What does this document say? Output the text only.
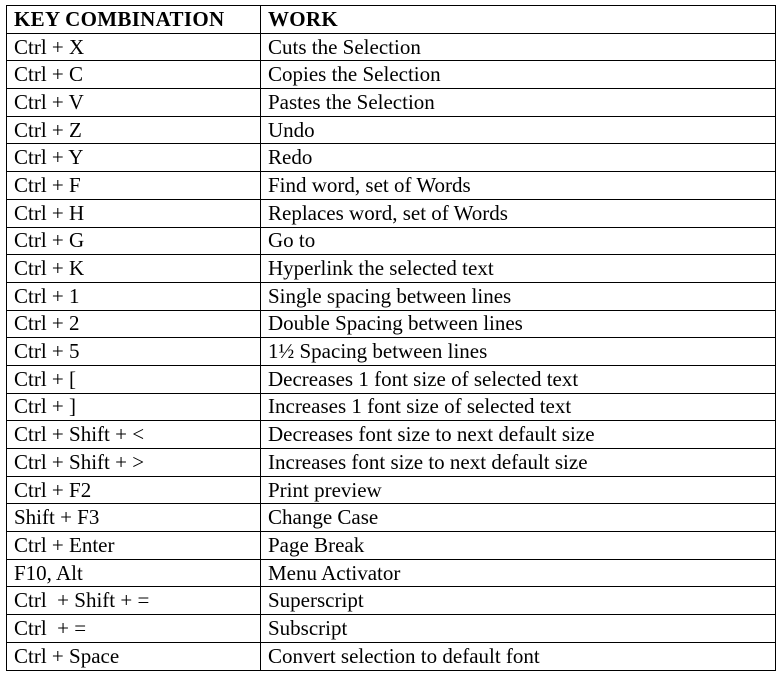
KEY COMBINATION	WORK
Ctrl + X	Cuts the Selection
Ctrl + C	Copies the Selection
Ctrl + V	Pastes the Selection
Ctrl + Z	Undo
Ctrl + Y	Redo
Ctrl + F	Find word, set of Words
Ctrl + H	Replaces word, set of Words
Ctrl + G	Go to
Ctrl + K	Hyperlink the selected text
Ctrl + 1	Single spacing between lines
Ctrl + 2	Double Spacing between lines
Ctrl + 5	1½ Spacing between lines
Ctrl + [	Decreases 1 font size of selected text
Ctrl + ]	Increases 1 font size of selected text
Ctrl + Shift + <	Decreases font size to next default size
Ctrl + Shift + >	Increases font size to next default size
Ctrl + F2	Print preview
Shift + F3	Change Case
Ctrl + Enter	Page Break
F10, Alt	Menu Activator
Ctrl  + Shift + =	Superscript
Ctrl  + =	Subscript
Ctrl + Space	Convert selection to default font
